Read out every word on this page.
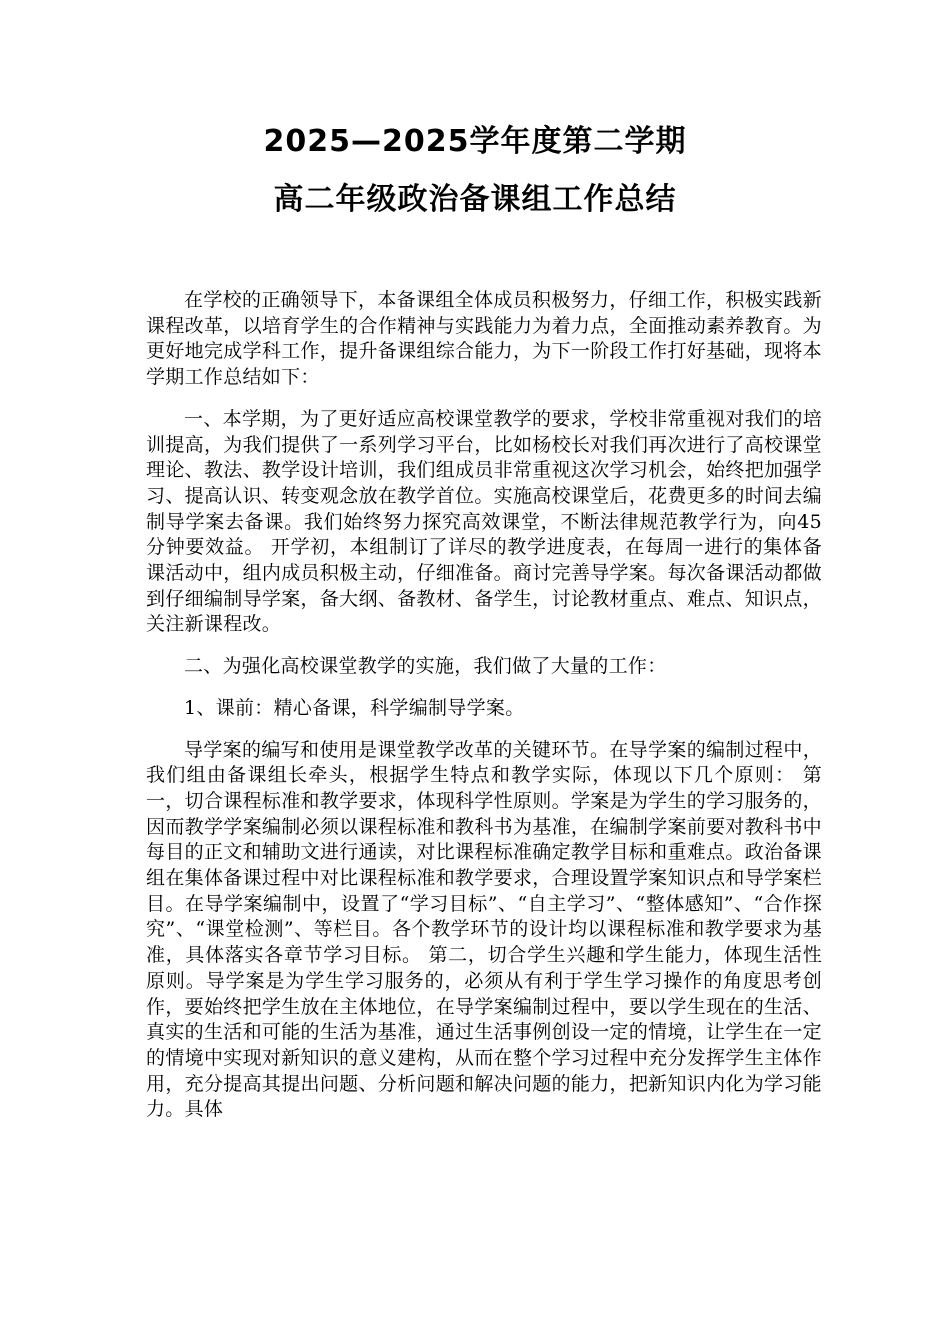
2025—2025学年度第二学期
高二年级政治备课组工作总结

在学校的正确领导下，本备课组全体成员积极努力，仔细工作，积极实践新课程改革，以培育学生的合作精神与实践能力为着力点，全面推动素养教育。为更好地完成学科工作，提升备课组综合能力，为下一阶段工作打好基础，现将本学期工作总结如下：

一、本学期，为了更好适应高校课堂教学的要求，学校非常重视对我们的培训提高，为我们提供了一系列学习平台，比如杨校长对我们再次进行了高校课堂理论、教法、教学设计培训，我们组成员非常重视这次学习机会，始终把加强学习、提高认识、转变观念放在教学首位。实施高校课堂后，花费更多的时间去编制导学案去备课。我们始终努力探究高效课堂，不断法律规范教学行为，向45分钟要效益。 开学初，本组制订了详尽的教学进度表，在每周一进行的集体备课活动中，组内成员积极主动，仔细准备。商讨完善导学案。每次备课活动都做到仔细编制导学案，备大纲、备教材、备学生，讨论教材重点、难点、知识点，关注新课程改。

二、为强化高校课堂教学的实施，我们做了大量的工作：

1、课前：精心备课，科学编制导学案。

导学案的编写和使用是课堂教学改革的关键环节。在导学案的编制过程中，我们组由备课组长牵头，根据学生特点和教学实际，体现以下几个原则： 第一，切合课程标准和教学要求，体现科学性原则。学案是为学生的学习服务的，因而教学学案编制必须以课程标准和教科书为基准，在编制学案前要对教科书中每目的正文和辅助文进行通读，对比课程标准确定教学目标和重难点。政治备课组在集体备课过程中对比课程标准和教学要求，合理设置学案知识点和导学案栏目。在导学案编制中，设置了“学习目标”、“自主学习”、“整体感知”、“合作探究”、“课堂检测”、等栏目。各个教学环节的设计均以课程标准和教学要求为基准，具体落实各章节学习目标。 第二，切合学生兴趣和学生能力，体现生活性原则。导学案是为学生学习服务的，必须从有利于学生学习操作的角度思考创作，要始终把学生放在主体地位，在导学案编制过程中，要以学生现在的生活、真实的生活和可能的生活为基准，通过生活事例创设一定的情境，让学生在一定的情境中实现对新知识的意义建构，从而在整个学习过程中充分发挥学生主体作用，充分提高其提出问题、分析问题和解决问题的能力，把新知识内化为学习能力。具体
